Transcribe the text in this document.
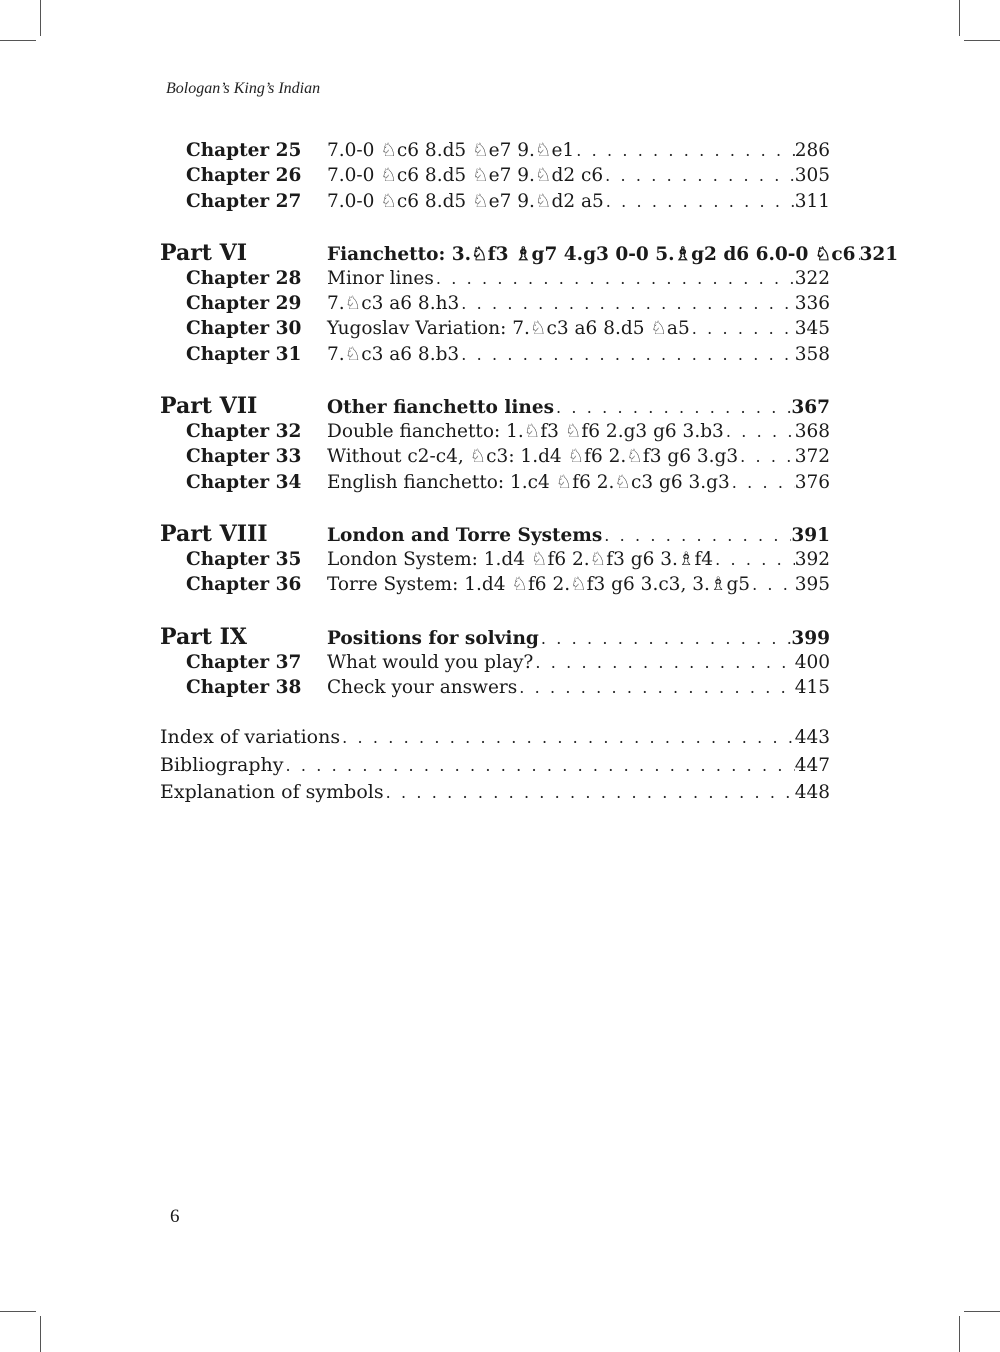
Bologan’s King’s Indian
Chapter 25	7.0-0 ♘c6 8.d5 ♘e7 9.♘e1 . . .	286
Chapter 26	7.0-0 ♘c6 8.d5 ♘e7 9.♘d2 c6 . . .	305
Chapter 27	7.0-0 ♘c6 8.d5 ♘e7 9.♘d2 a5 . . .	311
Part VI	Fianchetto: 3.♘f3 ♗g7 4.g3 0-0 5.♗g2 d6 6.0-0 ♘c6 . . . 321
Chapter 28	Minor lines . . .	322
Chapter 29	7.♘c3 a6 8.h3 . . .	336
Chapter 30	Yugoslav Variation: 7.♘c3 a6 8.d5 ♘a5 . . .	345
Chapter 31	7.♘c3 a6 8.b3 . . .	358
Part VII	Other fianchetto lines . . .	367
Chapter 32	Double fianchetto: 1.♘f3 ♘f6 2.g3 g6 3.b3 . . .	368
Chapter 33	Without c2-c4, ♘c3: 1.d4 ♘f6 2.♘f3 g6 3.g3 . . .	372
Chapter 34	English fianchetto: 1.c4 ♘f6 2.♘c3 g6 3.g3 . . .	376
Part VIII	London and Torre Systems . . .	391
Chapter 35	London System: 1.d4 ♘f6 2.♘f3 g6 3.♗f4 . . .	392
Chapter 36	Torre System: 1.d4 ♘f6 2.♘f3 g6 3.c3, 3.♗g5 . . . 395
Part IX	Positions for solving . . .	399
Chapter 37	What would you play? . . .	400
Chapter 38	Check your answers . . .	415
Index of variations . . .	443
Bibliography . . .	447
Explanation of symbols . . .	448
6
